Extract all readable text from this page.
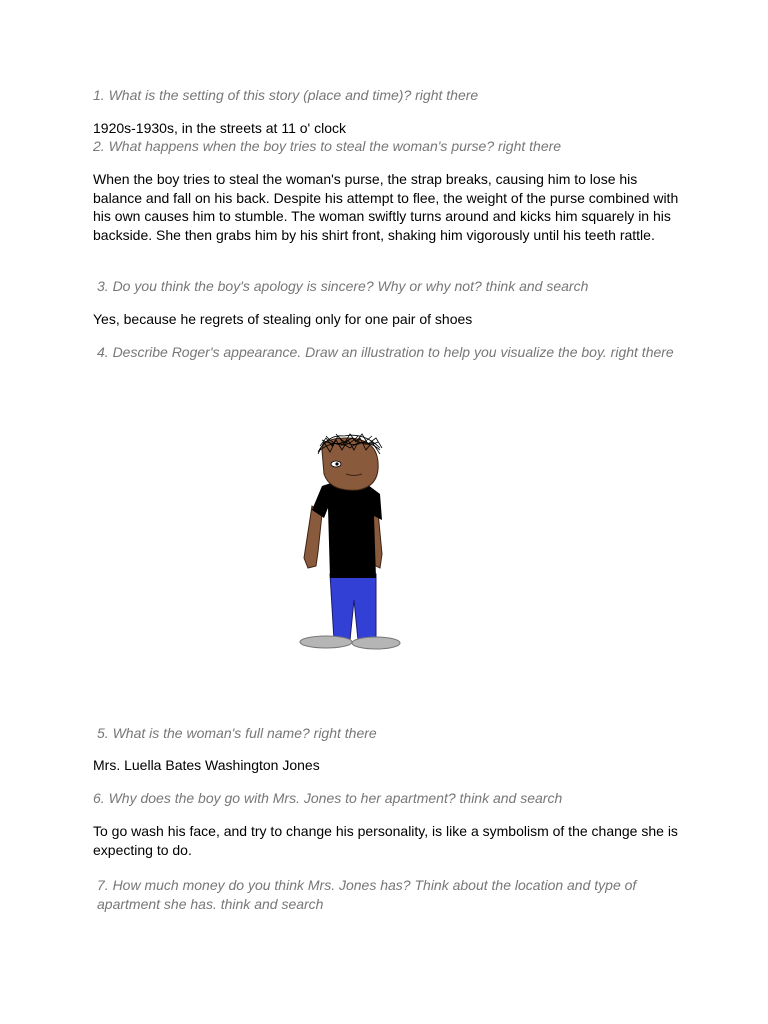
1. What is the setting of this story (place and time)? right there

1920s-1930s, in the streets at 11 o' clock

2. What happens when the boy tries to steal the woman's purse? right there

When the boy tries to steal the woman's purse, the strap breaks, causing him to lose his balance and fall on his back. Despite his attempt to flee, the weight of the purse combined with his own causes him to stumble. The woman swiftly turns around and kicks him squarely in his backside. She then grabs him by his shirt front, shaking him vigorously until his teeth rattle.

3. Do you think the boy's apology is sincere? Why or why not? think and search

Yes, because he regrets of stealing only for one pair of shoes

4. Describe Roger's appearance. Draw an illustration to help you visualize the boy. right there

5. What is the woman's full name? right there

Mrs. Luella Bates Washington Jones

6. Why does the boy go with Mrs. Jones to her apartment? think and search

To go wash his face, and try to change his personality, is like a symbolism of the change she is expecting to do.

7. How much money do you think Mrs. Jones has? Think about the location and type of apartment she has. think and search
